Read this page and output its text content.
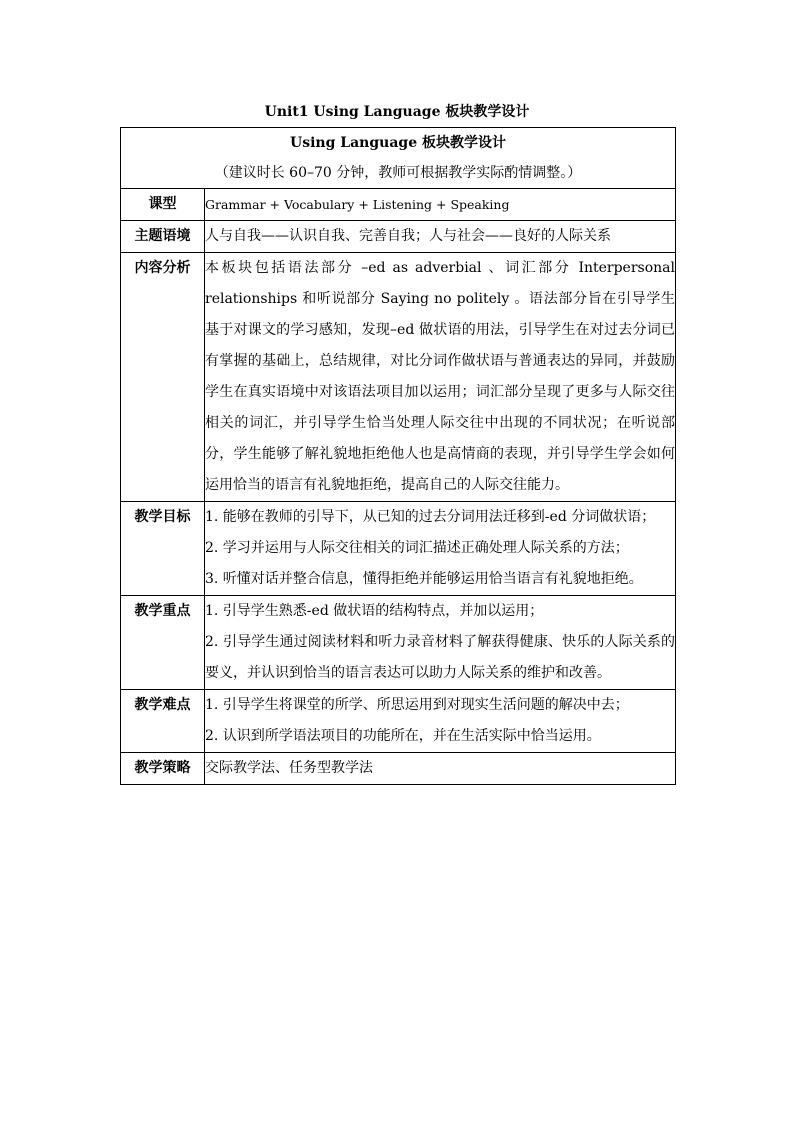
Unit1 Using Language 板块教学设计
Using Language 板块教学设计
（建议时长 60–70 分钟，教师可根据教学实际酌情调整。）	

课型	Grammar + Vocabulary + Listening + Speaking

主题语境	人与自我——认识自我、完善自我；人与社会——良好的人际关系

内容分析	本板块包括语法部分 –ed as adverbial 、词汇部分 Interpersonal relationships 和听说部分 Saying no politely 。语法部分旨在引导学生基于对课文的学习感知，发现–ed 做状语的用法，引导学生在对过去分词已有掌握的基础上，总结规律，对比分词作做状语与普通表达的异同，并鼓励学生在真实语境中对该语法项目加以运用；词汇部分呈现了更多与人际交往相关的词汇，并引导学生恰当处理人际交往中出现的不同状况；在听说部分，学生能够了解礼貌地拒绝他人也是高情商的表现，并引导学生学会如何运用恰当的语言有礼貌地拒绝，提高自己的人际交往能力。

教学目标	1. 能够在教师的引导下，从已知的过去分词用法迁移到-ed 分词做状语；

2. 学习并运用与人际交往相关的词汇描述正确处理人际关系的方法；

3. 听懂对话并整合信息，懂得拒绝并能够运用恰当语言有礼貌地拒绝。

教学重点	1. 引导学生熟悉-ed 做状语的结构特点，并加以运用；

2. 引导学生通过阅读材料和听力录音材料了解获得健康、快乐的人际关系的要义，并认识到恰当的语言表达可以助力人际关系的维护和改善。

教学难点	1. 引导学生将课堂的所学、所思运用到对现实生活问题的解决中去；

2. 认识到所学语法项目的功能所在，并在生活实际中恰当运用。

教学策略	交际教学法、任务型教学法
